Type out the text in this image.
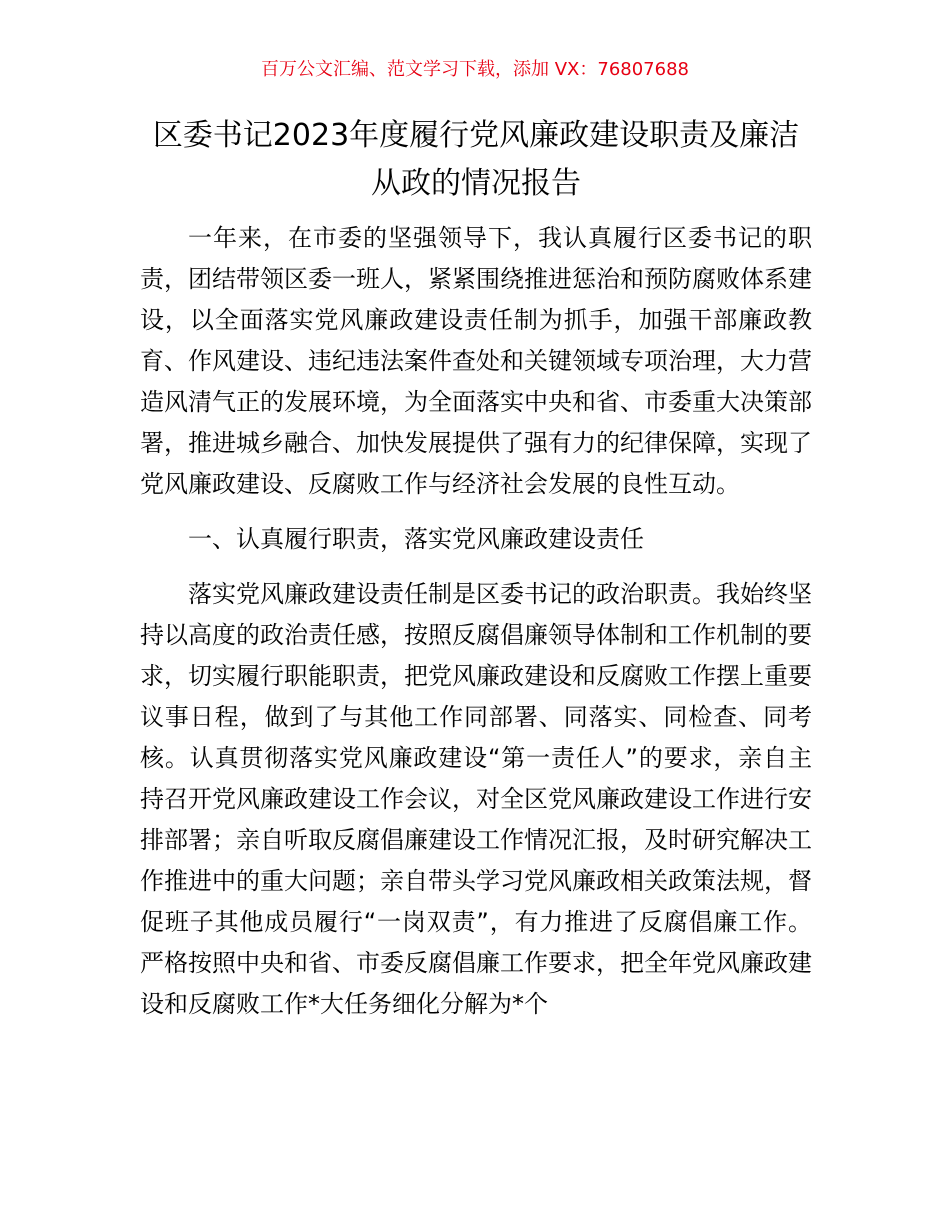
百万公文汇编、范文学习下载，添加 VX：76807688
区委书记2023年度履行党风廉政建设职责及廉洁从政的情况报告

一年来，在市委的坚强领导下，我认真履行区委书记的职责，团结带领区委一班人，紧紧围绕推进惩治和预防腐败体系建设，以全面落实党风廉政建设责任制为抓手，加强干部廉政教育、作风建设、违纪违法案件查处和关键领域专项治理，大力营造风清气正的发展环境，为全面落实中央和省、市委重大决策部署，推进城乡融合、加快发展提供了强有力的纪律保障，实现了党风廉政建设、反腐败工作与经济社会发展的良性互动。

一、认真履行职责，落实党风廉政建设责任

落实党风廉政建设责任制是区委书记的政治职责。我始终坚持以高度的政治责任感，按照反腐倡廉领导体制和工作机制的要求，切实履行职能职责，把党风廉政建设和反腐败工作摆上重要议事日程，做到了与其他工作同部署、同落实、同检查、同考核。认真贯彻落实党风廉政建设“第一责任人”的要求，亲自主持召开党风廉政建设工作会议，对全区党风廉政建设工作进行安排部署；亲自听取反腐倡廉建设工作情况汇报，及时研究解决工作推进中的重大问题；亲自带头学习党风廉政相关政策法规，督促班子其他成员履行“一岗双责”，有力推进了反腐倡廉工作。严格按照中央和省、市委反腐倡廉工作要求，把全年党风廉政建设和反腐败工作*大任务细化分解为*个
